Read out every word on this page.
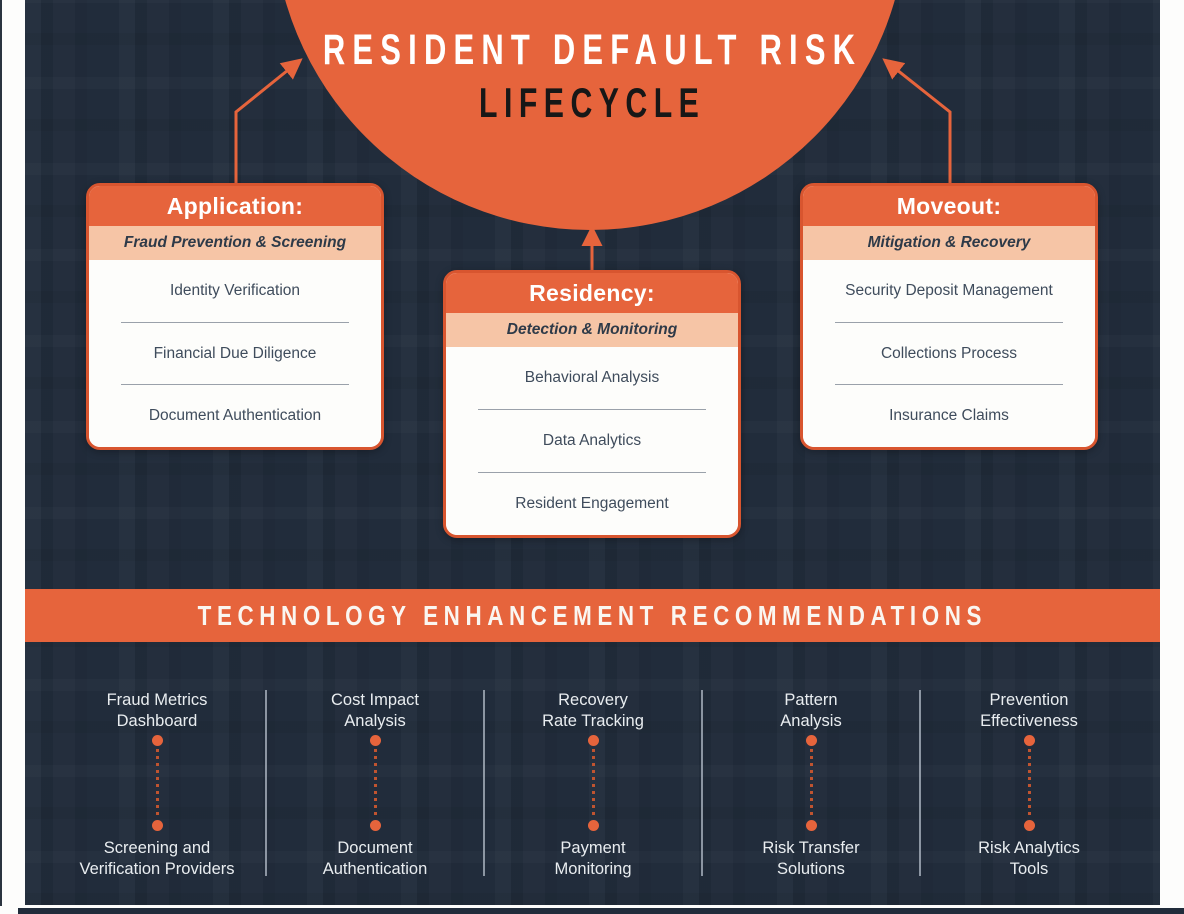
RESIDENT DEFAULT RISK
LIFECYCLE
Application:
Fraud Prevention & Screening
Identity Verification
Financial Due Diligence
Document Authentication
Residency:
Detection & Monitoring
Behavioral Analysis
Data Analytics
Resident Engagement
Moveout:
Mitigation & Recovery
Security Deposit Management
Collections Process
Insurance Claims
TECHNOLOGY ENHANCEMENT RECOMMENDATIONS
Fraud Metrics
Dashboard
Screening and
Verification Providers
Cost Impact
Analysis
Document
Authentication
Recovery
Rate Tracking
Payment
Monitoring
Pattern
Analysis
Risk Transfer
Solutions
Prevention
Effectiveness
Risk Analytics
Tools
